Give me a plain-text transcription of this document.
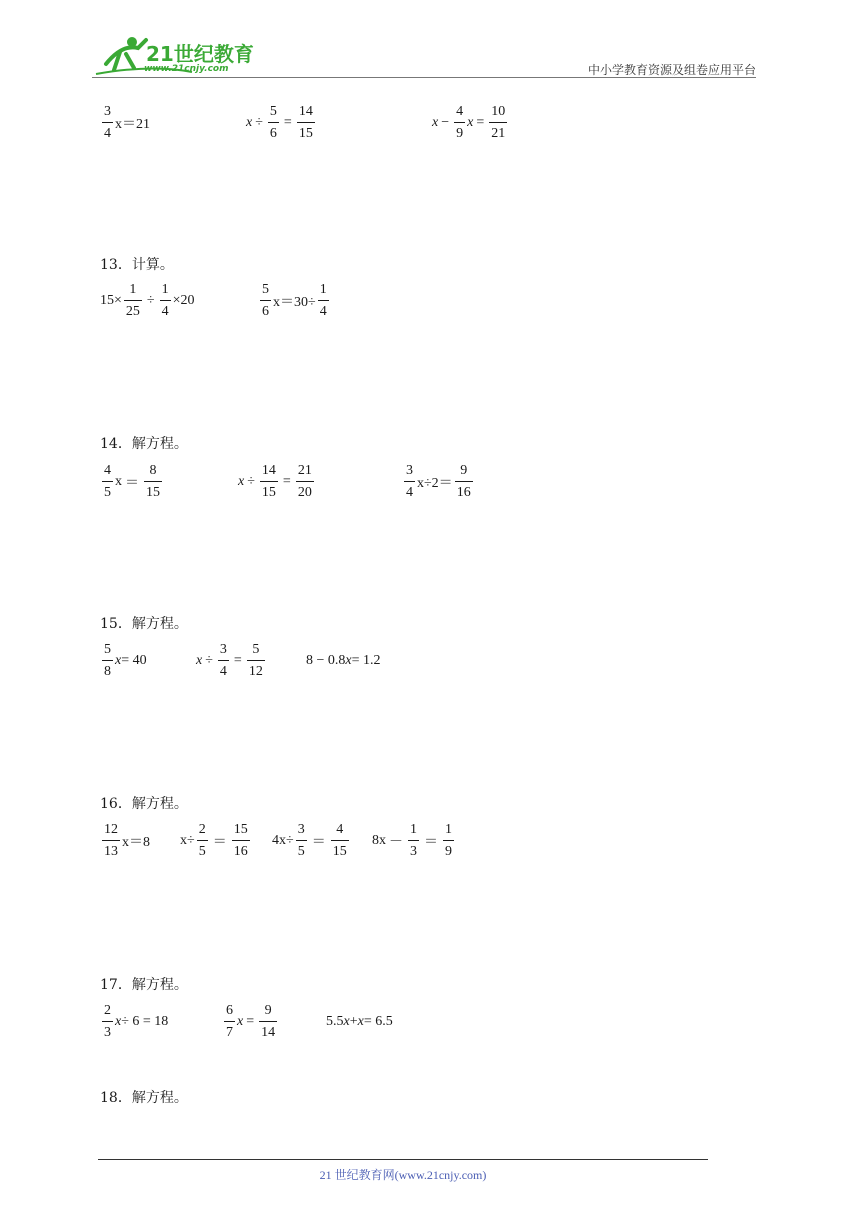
21世纪教育
www.21cnjy.com	中小学教育资源及组卷应用平台
$\frac{3}{4} x=21$	$x \div \frac{5}{6} = \frac{14}{15}$	$x - \frac{4}{9}$ $x = \frac{10}{21}$
13．计算。
$15\times \frac{1}{25} \div \frac{1}{4} \times 20$	$\frac{5}{6} x=30\div \frac{1}{4}$
14．解方程。
$\frac{4}{5}$ $x = \frac{8}{15}$	$x \div \frac{14}{15} = \frac{21}{20}$	$\frac{3}{4} x\div 2= \frac{9}{16}$
15．解方程。
$\frac{5}{8}$ x = 40	$x \div \frac{3}{4} = \frac{5}{12}$	8 − 0.8 x = 1.2
16．解方程。
$\frac{12}{13} x=8$ $x\div \frac{2}{5} = \frac{15}{16} 4x\div \frac{3}{5} = \frac{4}{15} 8x - \frac{1}{3} = \frac{1}{9}$
17．解方程。
$\frac{2}{3}$ x ÷ 6 = 18	$\frac{6}{7}$ $x = \frac{9}{14}$	5.5 x + x = 6.5
18．解方程。
21 世纪教育网(www.21cnjy.com)
